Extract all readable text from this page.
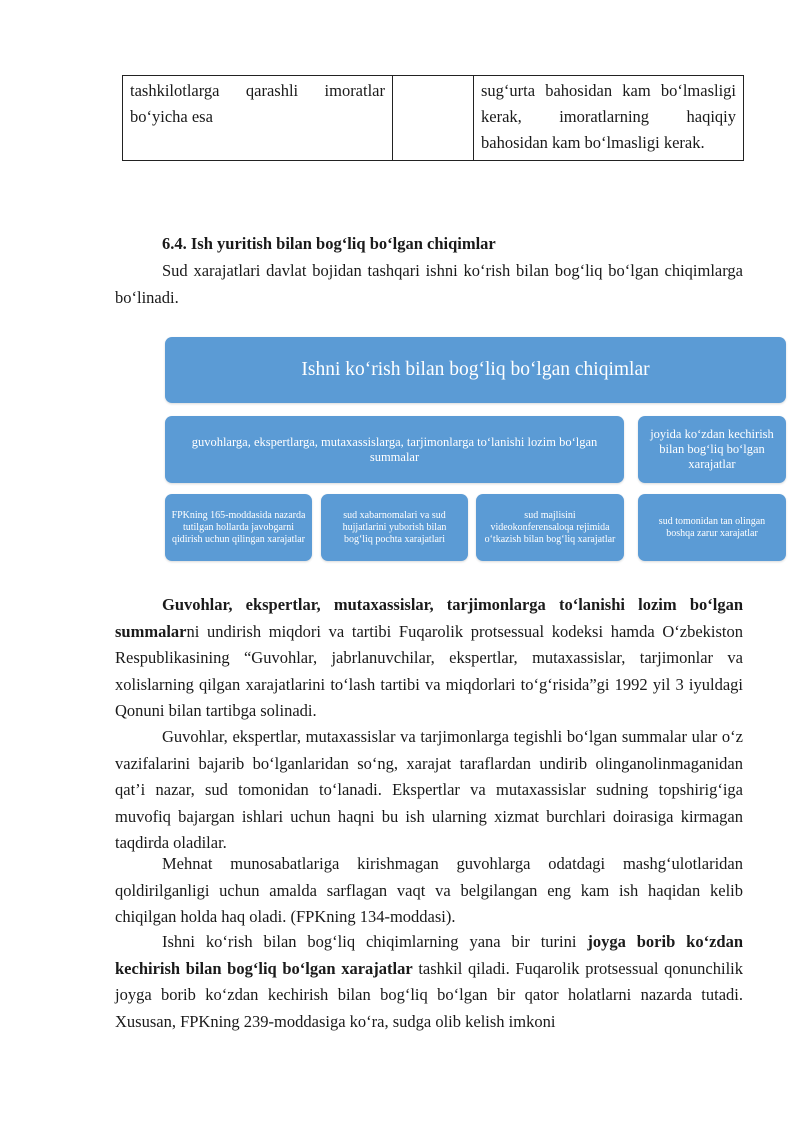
tashkilotlarga qarashli imoratlar bo‘yicha esa		sug‘urta bahosidan kam bo‘lmasligi kerak, imoratlarning haqiqiy bahosidan kam bo‘lmasligi kerak.
6.4. Ish yuritish bilan bog‘liq bo‘lgan chiqimlar

Sud xarajatlari davlat bojidan tashqari ishni ko‘rish bilan bog‘liq bo‘lgan chiqimlarga bo‘linadi.

Ishni ko‘rish bilan bog‘liq bo‘lgan chiqimlar
guvohlarga, ekspertlarga, mutaxassislarga, tarjimonlarga to‘lanishi lozim bo‘lgan summalar
joyida ko‘zdan kechirish bilan bog‘liq bo‘lgan xarajatlar
FPKning 165-moddasida nazarda tutilgan hollarda javobgarni qidirish uchun qilingan xarajatlar
sud xabarnomalari va sud hujjatlarini yuborish bilan bog‘liq pochta xarajatlari
sud majlisini videokonferensaloqa rejimida o‘tkazish bilan bog‘liq xarajatlar
sud tomonidan tan olingan boshqa zarur xarajatlar

Guvohlar, ekspertlar, mutaxassislar, tarjimonlarga to‘lanishi lozim bo‘lgan summalarni undirish miqdori va tartibi Fuqarolik protsessual kodeksi hamda O‘zbekiston Respublikasining “Guvohlar, jabrlanuvchilar, ekspertlar, mutaxassislar, tarjimonlar va xolislarning qilgan xarajatlarini to‘lash tartibi va miqdorlari to‘g‘risida”gi 1992 yil 3 iyuldagi Qonuni bilan tartibga solinadi.

Guvohlar, ekspertlar, mutaxassislar va tarjimonlarga tegishli bo‘lgan summalar ular o‘z vazifalarini bajarib bo‘lganlaridan so‘ng, xarajat taraflardan undirib olinganolinmaganidan qat’i nazar, sud tomonidan to‘lanadi. Ekspertlar va mutaxassislar sudning topshirig‘iga muvofiq bajargan ishlari uchun haqni bu ish ularning xizmat burchlari doirasiga kirmagan taqdirda oladilar.

Mehnat munosabatlariga kirishmagan guvohlarga odatdagi mashg‘ulotlaridan qoldirilganligi uchun amalda sarflagan vaqt va belgilangan eng kam ish haqidan kelib chiqilgan holda haq oladi. (FPKning 134-moddasi).

Ishni ko‘rish bilan bog‘liq chiqimlarning yana bir turini joyga borib ko‘zdan kechirish bilan bog‘liq bo‘lgan xarajatlar tashkil qiladi. Fuqarolik protsessual qonunchilik joyga borib ko‘zdan kechirish bilan bog‘liq bo‘lgan bir qator holatlarni nazarda tutadi. Xususan, FPKning 239-moddasiga ko‘ra, sudga olib kelish imkoni
